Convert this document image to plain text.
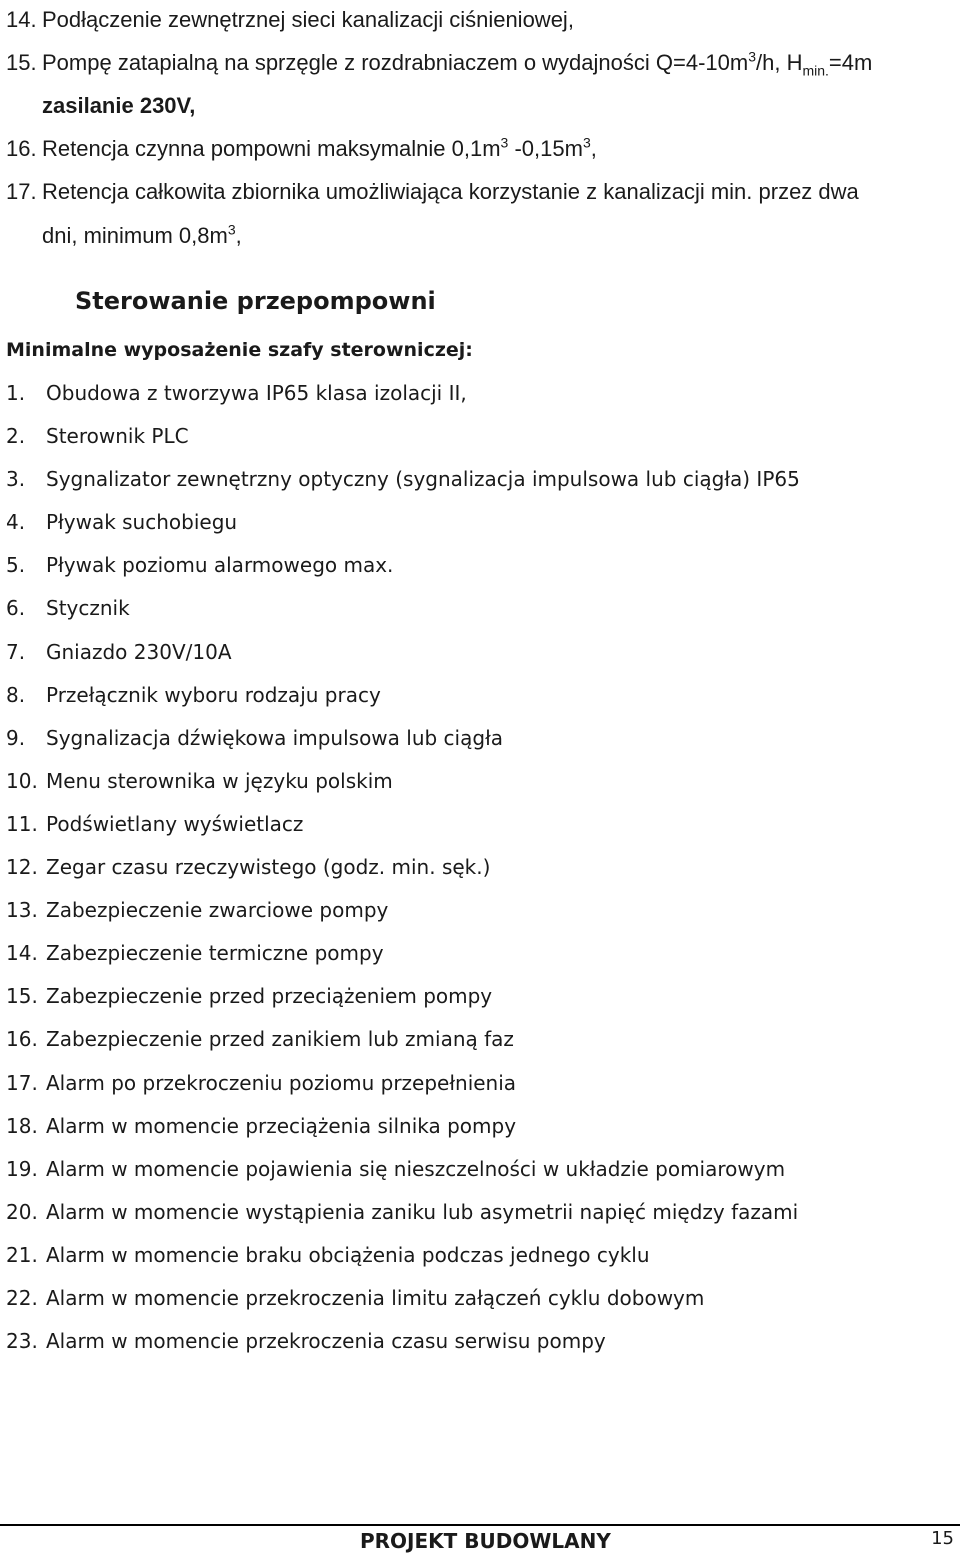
14. Podłączenie zewnętrznej sieci kanalizacji ciśnieniowej,
15. Pompę zatapialną na sprzęgle z rozdrabniaczem o wydajności $Q=4-10m^3/h$, $H_{min.}=4m$
zasilanie 230V,
16. Retencja czynna pompowni maksymalnie $0,1m^3$ $-0,15m^3$,
17. Retencja całkowita zbiornika umożliwiająca korzystanie z kanalizacji min. przez dwa
dni, minimum $0,8m^3$,
Sterowanie przepompowni
Minimalne wyposażenie szafy sterowniczej:
1. Obudowa z tworzywa IP65 klasa izolacji II,
2. Sterownik PLC
3. Sygnalizator zewnętrzny optyczny (sygnalizacja impulsowa lub ciągła) IP65
4. Pływak suchobiegu
5. Pływak poziomu alarmowego max.
6. Stycznik
7. Gniazdo 230V/10A
8. Przełącznik wyboru rodzaju pracy
9. Sygnalizacja dźwiękowa impulsowa lub ciągła
10. Menu sterownika w języku polskim
11. Podświetlany wyświetlacz
12. Zegar czasu rzeczywistego (godz. min. sęk.)
13. Zabezpieczenie zwarciowe pompy
14. Zabezpieczenie termiczne pompy
15. Zabezpieczenie przed przeciążeniem pompy
16. Zabezpieczenie przed zanikiem lub zmianą faz
17. Alarm po przekroczeniu poziomu przepełnienia
18. Alarm w momencie przeciążenia silnika pompy
19. Alarm w momencie pojawienia się nieszczelności w układzie pomiarowym
20. Alarm w momencie wystąpienia zaniku lub asymetrii napięć między fazami
21. Alarm w momencie braku obciążenia podczas jednego cyklu
22. Alarm w momencie przekroczenia limitu załączeń cyklu dobowym
23. Alarm w momencie przekroczenia czasu serwisu pompy
PROJEKT BUDOWLANY	15
